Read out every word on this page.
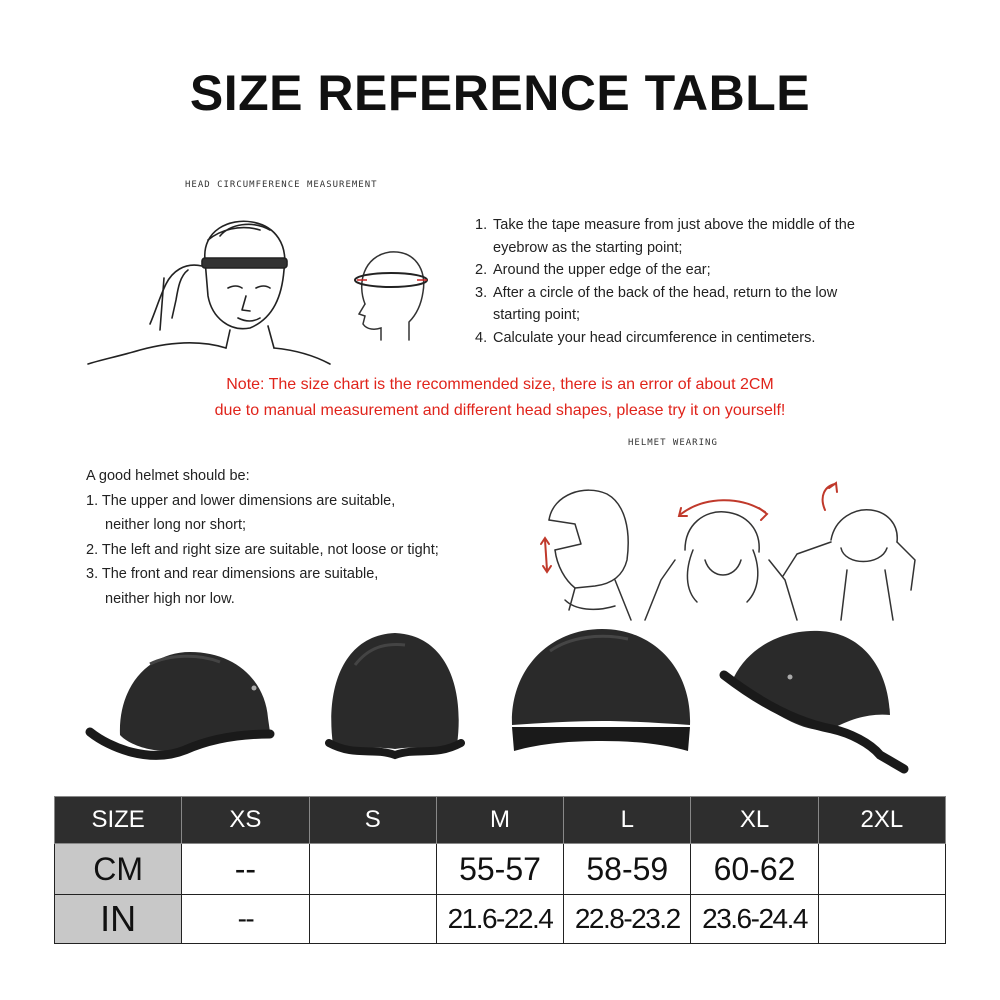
SIZE REFERENCE TABLE
HEAD CIRCUMFERENCE MEASUREMENT
1. Take the tape measure from just above the middle of the
eyebrow as the starting point;
2. Around the upper edge of the ear;
3. After a circle of the back of the head, return to the low
starting point;
4. Calculate your head circumference in centimeters.
Note: The size chart is the recommended size, there is an error of about 2CM
due to manual measurement and different head shapes, please try it on yourself!
HELMET WEARING
A good helmet should be:
1. The upper and lower dimensions are suitable,
neither long nor short;
2. The left and right size are suitable, not loose or tight;
3. The front and rear dimensions are suitable,
neither high nor low.
SIZE	XS	S	M	L	XL	2XL
CM	--		55-57	58-59	60-62	
IN	--		21.6-22.4	22.8-23.2	23.6-24.4	
